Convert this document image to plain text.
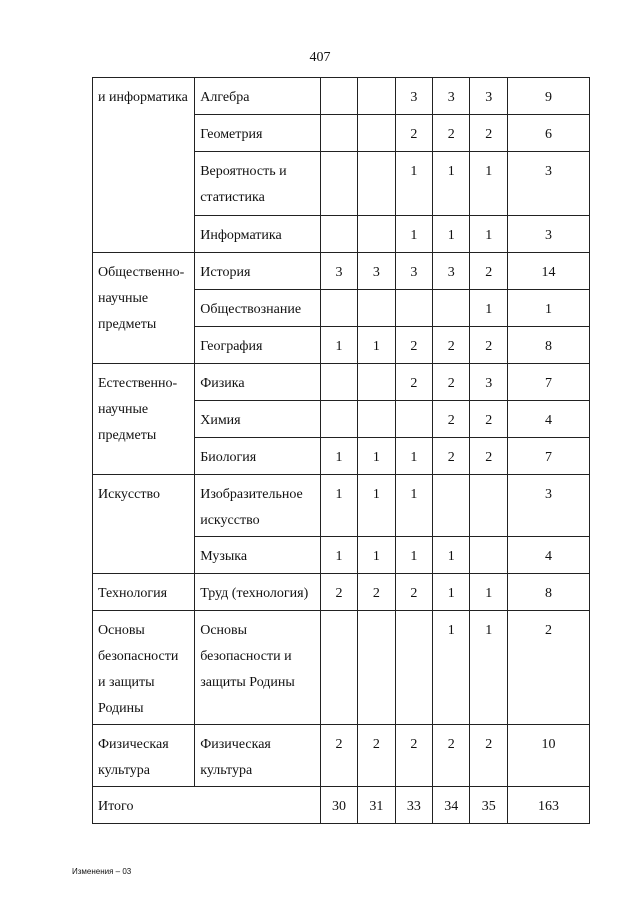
407
и информатика	Алгебра			3	3	3	9
	Геометрия			2	2	2	6
	Вероятность и статистика			1	1	1	3
	Информатика			1	1	1	3
Общественно-научные предметы	История	3	3	3	3	2	14
	Обществознание					1	1
	География	1	1	2	2	2	8
Естественно-научные предметы	Физика			2	2	3	7
	Химия				2	2	4
	Биология	1	1	1	2	2	7
Искусство	Изобразительное искусство	1	1	1			3
	Музыка	1	1	1	1		4
Технология	Труд (технология)	2	2	2	1	1	8
Основы безопасности и защиты Родины	Основы безопасности и защиты Родины				1	1	2
Физическая культура	Физическая культура	2	2	2	2	2	10
Итого		30	31	33	34	35	163
Изменения – 03
